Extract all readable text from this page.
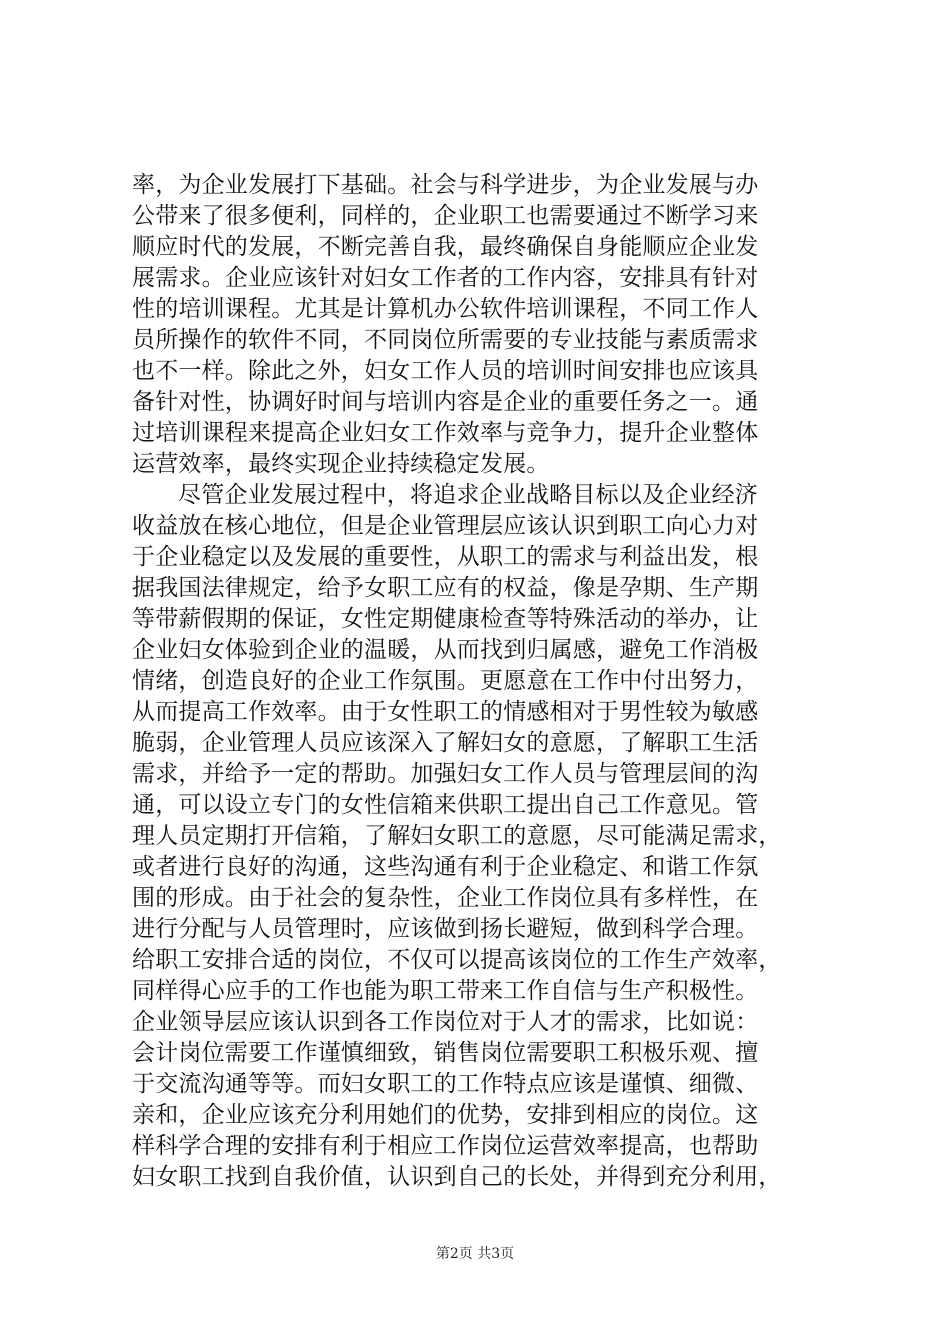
率，为企业发展打下基础。社会与科学进步，为企业发展与办
公带来了很多便利，同样的，企业职工也需要通过不断学习来
顺应时代的发展，不断完善自我，最终确保自身能顺应企业发
展需求。企业应该针对妇女工作者的工作内容，安排具有针对
性的培训课程。尤其是计算机办公软件培训课程，不同工作人
员所操作的软件不同，不同岗位所需要的专业技能与素质需求
也不一样。除此之外，妇女工作人员的培训时间安排也应该具
备针对性，协调好时间与培训内容是企业的重要任务之一。通
过培训课程来提高企业妇女工作效率与竞争力，提升企业整体
运营效率，最终实现企业持续稳定发展。
尽管企业发展过程中，将追求企业战略目标以及企业经济
收益放在核心地位，但是企业管理层应该认识到职工向心力对
于企业稳定以及发展的重要性，从职工的需求与利益出发，根
据我国法律规定，给予女职工应有的权益，像是孕期、生产期
等带薪假期的保证，女性定期健康检查等特殊活动的举办，让
企业妇女体验到企业的温暖，从而找到归属感，避免工作消极
情绪，创造良好的企业工作氛围。更愿意在工作中付出努力，
从而提高工作效率。由于女性职工的情感相对于男性较为敏感
脆弱，企业管理人员应该深入了解妇女的意愿，了解职工生活
需求，并给予一定的帮助。加强妇女工作人员与管理层间的沟
通，可以设立专门的女性信箱来供职工提出自己工作意见。管
理人员定期打开信箱，了解妇女职工的意愿，尽可能满足需求，
或者进行良好的沟通，这些沟通有利于企业稳定、和谐工作氛
围的形成。由于社会的复杂性，企业工作岗位具有多样性，在
进行分配与人员管理时，应该做到扬长避短，做到科学合理。
给职工安排合适的岗位，不仅可以提高该岗位的工作生产效率，
同样得心应手的工作也能为职工带来工作自信与生产积极性。
企业领导层应该认识到各工作岗位对于人才的需求，比如说：
会计岗位需要工作谨慎细致，销售岗位需要职工积极乐观、擅
于交流沟通等等。而妇女职工的工作特点应该是谨慎、细微、
亲和，企业应该充分利用她们的优势，安排到相应的岗位。这
样科学合理的安排有利于相应工作岗位运营效率提高，也帮助
妇女职工找到自我价值，认识到自己的长处，并得到充分利用，
第2页 共3页
